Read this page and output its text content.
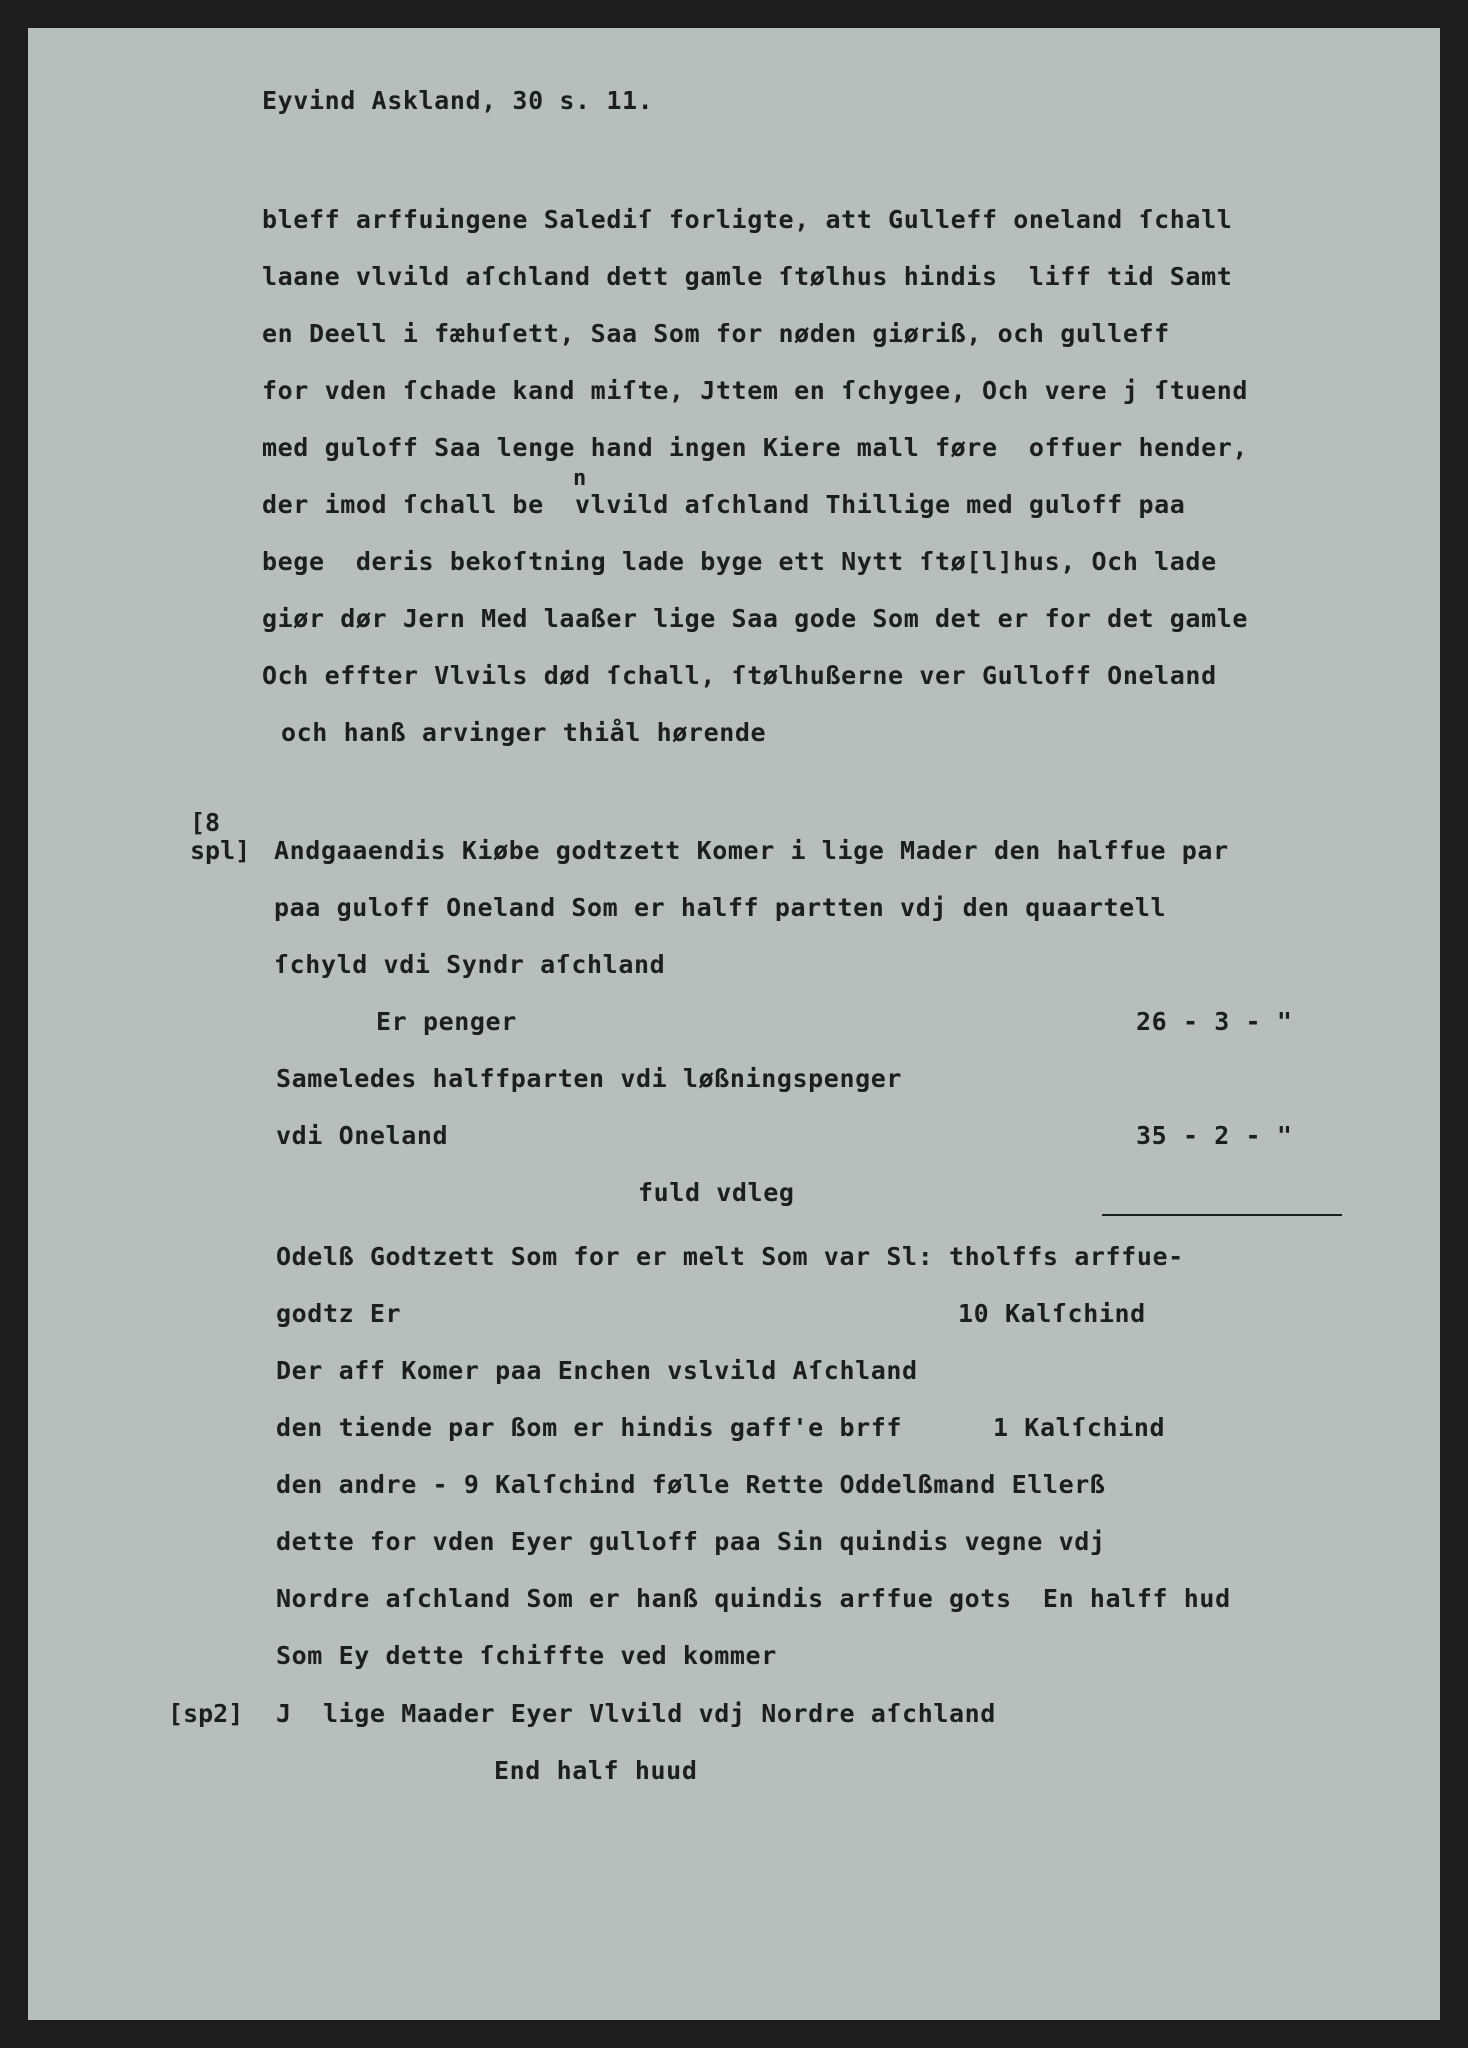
Eyvind Askland, 30 s. 11.
bleff arffuingene Salediſ forligte, att Gulleff oneland ſchall
laane vlvild aſchland dett gamle ſtølhus hindis  liff tid Samt
en Deell i fæhuſett, Saa Som for nøden giøriß, och gulleff
for vden ſchade kand miſte, Jttem en ſchygee, Och vere j ſtuend
med guloff Saa lenge hand ingen Kiere mall føre  offuer hender,
n
der imod ſchall be  vlvild aſchland Thillige med guloff paa
bege  deris bekoſtning lade byge ett Nytt ſtø[l]hus, Och lade
giør dør Jern Med laaßer lige Saa gode Som det er for det gamle
Och effter Vlvils død ſchall, ſtølhußerne ver Gulloff Oneland
och hanß arvinger thiål hørende
[8
spl] Andgaaendis Kiøbe godtzett Komer i lige Mader den halffue par
paa guloff Oneland Som er halff partten vdj den quaartell
ſchyld vdi Syndr aſchland
Er penger	26 - 3 - "
Sameledes halffparten vdi løßningspenger
vdi Oneland	35 - 2 - "
fuld vdleg
Odelß Godtzett Som for er melt Som var Sl: tholffs arffue-
godtz Er	10 Kalſchind
Der aff Komer paa Enchen vslvild Aſchland
den tiende par ßom er hindis gaff'e brff	1 Kalſchind
den andre - 9 Kalſchind følle Rette Oddelßmand Ellerß
dette for vden Eyer gulloff paa Sin quindis vegne vdj
Nordre aſchland Som er hanß quindis arffue gots  En halff hud
Som Ey dette ſchiffte ved kommer
[sp2] J  lige Maader Eyer Vlvild vdj Nordre aſchland
End half huud
